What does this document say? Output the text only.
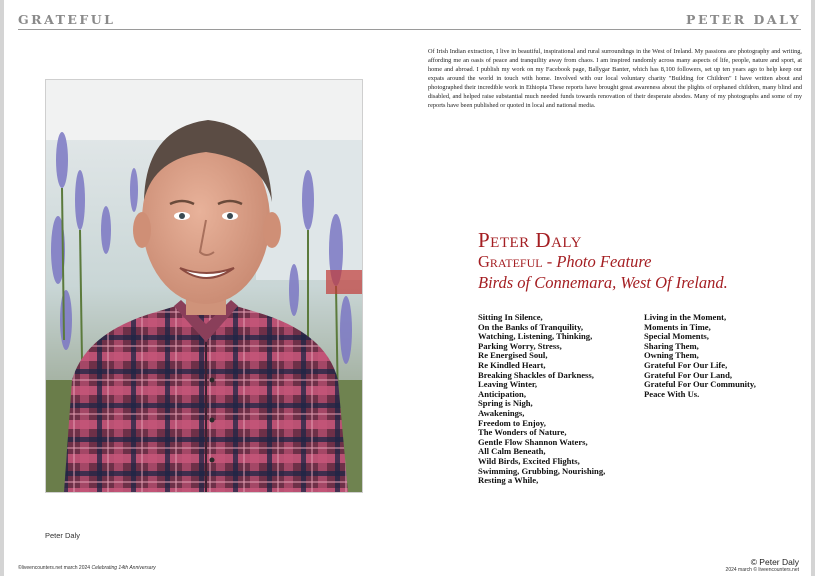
GRATEFUL	PETER DALY
Of Irish Indian extraction, I live in beautiful, inspirational and rural surroundings in the West of Ireland. My passions are photography and writing, affording me an oasis of peace and tranquility away from chaos. I am inspired randomly across many aspects of life, people, nature and sport, at home and abroad. I publish my work on my Facebook page, Ballygar Banter, which has 8,100 followers, set up ten years ago to help keep our expats around the world in touch with home. Involved with our local voluntary charity "Building for Children" I have written about and photographed their incredible work in Ethiopia These reports have brought great awareness about the plights of orphaned children, many blind and disabled, and helped raise substantial much needed funds towards renovation of their desperate abodes. Many of my photographs and some of my reports have been published or quoted in local and national media.
Peter Daly
Peter Daly
Grateful - Photo Feature
Birds of Connemara, West Of Ireland.
Sitting In Silence,
On the Banks of Tranquility,
Watching, Listening, Thinking,
Parking Worry, Stress,
Re Energised Soul,
Re Kindled Heart,
Breaking Shackles of Darkness,
Leaving Winter,
Anticipation,
Spring is Nigh,
Awakenings,
Freedom to Enjoy,
The Wonders of Nature,
Gentle Flow Shannon Waters,
All Calm Beneath,
Wild Birds, Excited Flights,
Swimming, Grubbing, Nourishing,
Resting a While,
Living in the Moment,
Moments in Time,
Special Moments,
Sharing Them,
Owning Them,
Grateful For Our Life,
Grateful For Our Land,
Grateful For Our Community,
Peace With Us.
©liveencounters.net march 2024 Celebrating 14th Anniversary
© Peter Daly
2024 march © liveencounters.net
